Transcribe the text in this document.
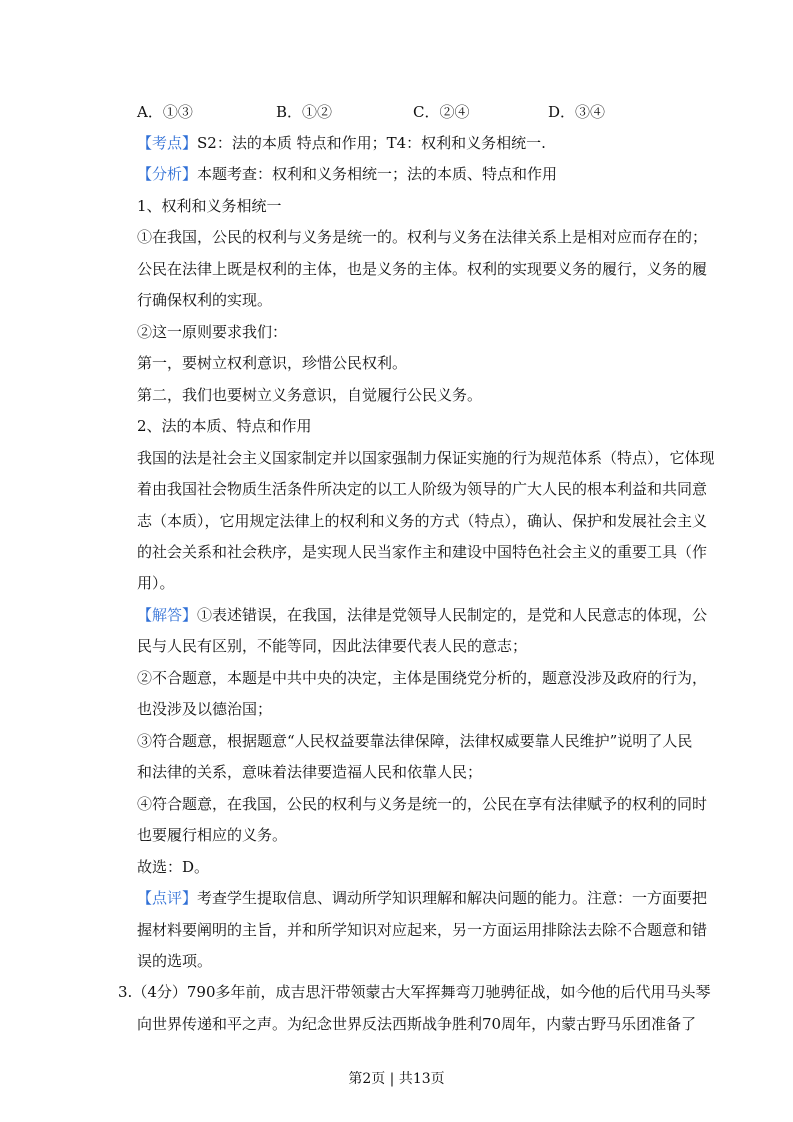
A．①③	B．①②	C．②④	D．③④
【考点】S2：法的本质 特点和作用；T4：权利和义务相统一.
【分析】本题考查：权利和义务相统一；法的本质、特点和作用
1、权利和义务相统一
①在我国，公民的权利与义务是统一的。权利与义务在法律关系上是相对应而存在的；
公民在法律上既是权利的主体，也是义务的主体。权利的实现要义务的履行，义务的履
行确保权利的实现。
②这一原则要求我们：
第一，要树立权利意识，珍惜公民权利。
第二，我们也要树立义务意识，自觉履行公民义务。
2、法的本质、特点和作用
我国的法是社会主义国家制定并以国家强制力保证实施的行为规范体系（特点），它体现
着由我国社会物质生活条件所决定的以工人阶级为领导的广大人民的根本利益和共同意
志（本质），它用规定法律上的权利和义务的方式（特点），确认、保护和发展社会主义
的社会关系和社会秩序，是实现人民当家作主和建设中国特色社会主义的重要工具（作
用）。
【解答】①表述错误，在我国，法律是党领导人民制定的，是党和人民意志的体现，公
民与人民有区别，不能等同，因此法律要代表人民的意志；
②不合题意，本题是中共中央的决定，主体是围绕党分析的，题意没涉及政府的行为，
也没涉及以德治国；
③符合题意，根据题意“人民权益要靠法律保障，法律权威要靠人民维护”说明了人民
和法律的关系，意味着法律要造福人民和依靠人民；
④符合题意，在我国，公民的权利与义务是统一的，公民在享有法律赋予的权利的同时
也要履行相应的义务。
故选：D。
【点评】考查学生提取信息、调动所学知识理解和解决问题的能力。注意：一方面要把
握材料要阐明的主旨，并和所学知识对应起来，另一方面运用排除法去除不合题意和错
误的选项。
3.（4分）790多年前，成吉思汗带领蒙古大军挥舞弯刀驰骋征战，如今他的后代用马头琴
向世界传递和平之声。为纪念世界反法西斯战争胜利70周年，内蒙古野马乐团准备了
第2页 | 共13页
